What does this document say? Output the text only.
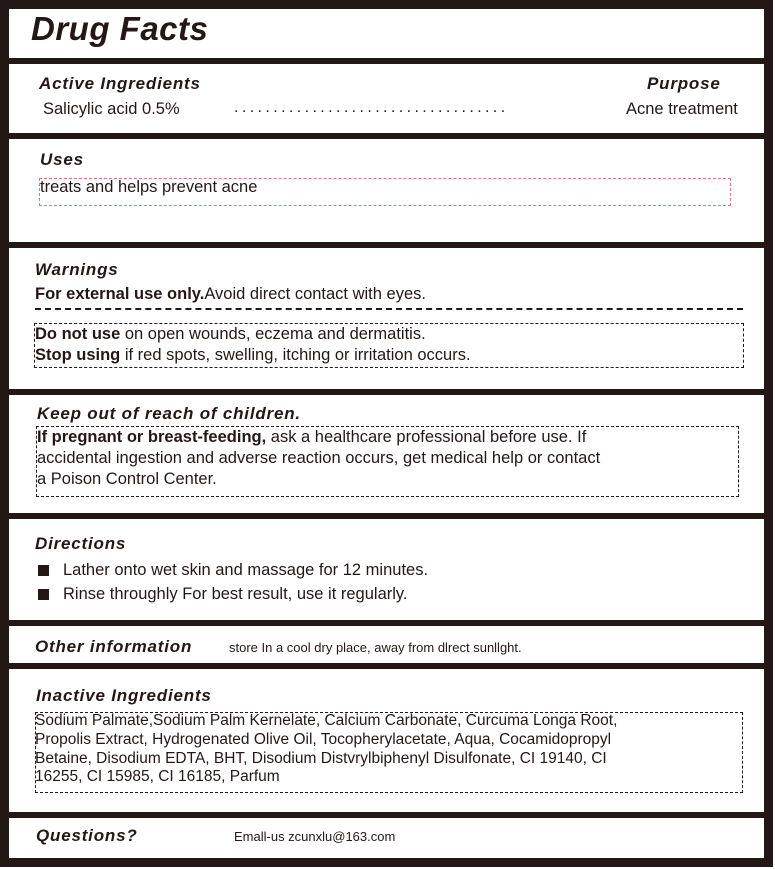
Drug Facts
Active Ingredients	Purpose
Salicylic acid 0.5%	...................................	Acne treatment
Uses
treats and helps prevent acne
Warnings
For external use only.Avoid direct contact with eyes.
Do not use on open wounds, eczema and dermatitis.
Stop using if red spots, swelling, itching or irritation occurs.
Keep out of reach of children.
If pregnant or breast-feeding, ask a healthcare professional before use. If
accidental ingestion and adverse reaction occurs, get medical help or contact
a Poison Control Center.
Directions
Lather onto wet skin and massage for 12 minutes.
Rinse throughly For best result, use it regularly.
Other information	store In a cool dry place, away from dlrect sunllght.
Inactive Ingredients
Sodium Palmate,Sodium Palm Kernelate, Calcium Carbonate, Curcuma Longa Root,
Propolis Extract, Hydrogenated Olive Oil, Tocopherylacetate, Aqua, Cocamidopropyl
Betaine, Disodium EDTA, BHT, Disodium Distvrylbiphenyl Disulfonate, CI 19140, CI
16255, CI 15985, CI 16185, Parfum
Questions?	Emall-us zcunxlu@163.com
